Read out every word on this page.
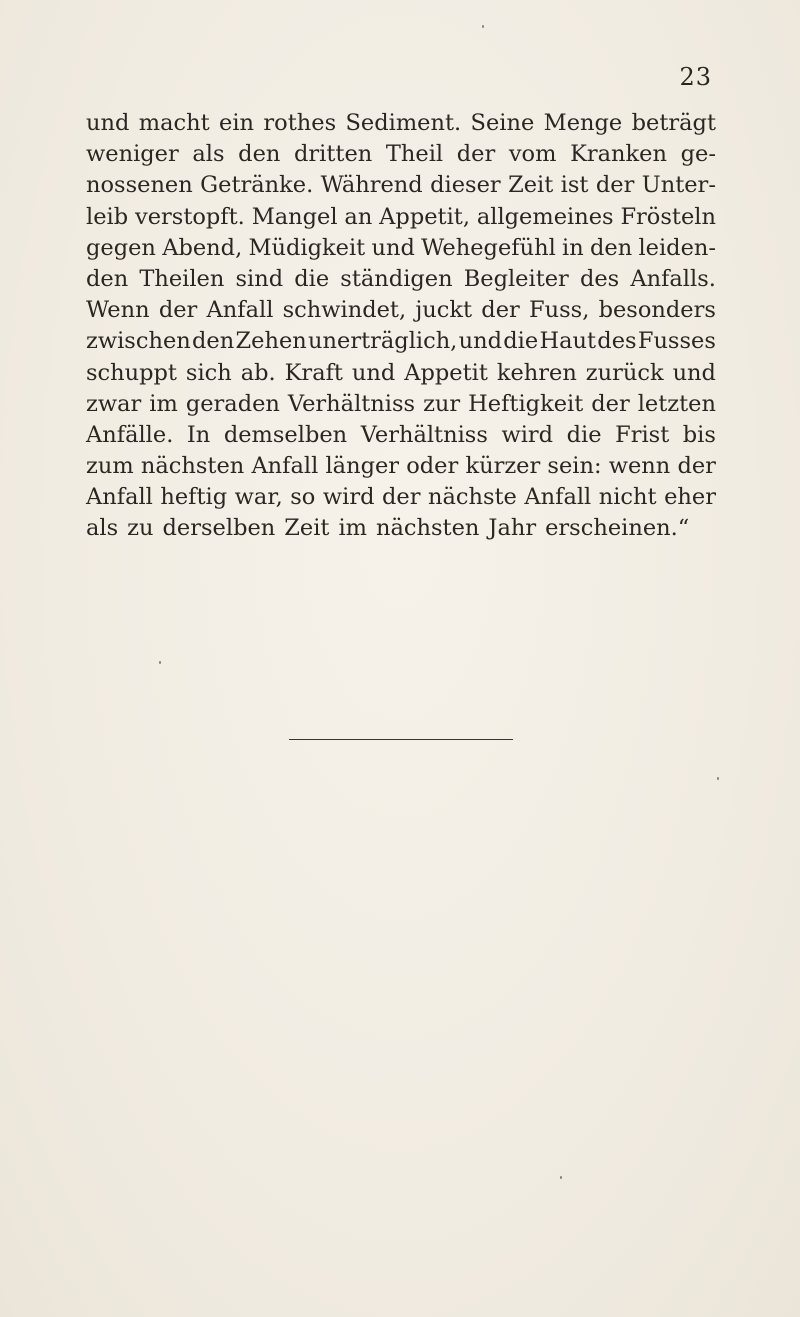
23
und macht ein rothes Sediment. Seine Menge beträgt
weniger als den dritten Theil der vom Kranken ge-
nossenen Getränke. Während dieser Zeit ist der Unter-
leib verstopft. Mangel an Appetit, allgemeines Frösteln
gegen Abend, Müdigkeit und Wehegefühl in den leiden-
den Theilen sind die ständigen Begleiter des Anfalls.
Wenn der Anfall schwindet, juckt der Fuss, besonders
zwischen den Zehen unerträglich, und die Haut des Fusses
schuppt sich ab. Kraft und Appetit kehren zurück und
zwar im geraden Verhältniss zur Heftigkeit der letzten
Anfälle. In demselben Verhältniss wird die Frist bis
zum nächsten Anfall länger oder kürzer sein: wenn der
Anfall heftig war, so wird der nächste Anfall nicht eher
als zu derselben Zeit im nächsten Jahr erscheinen.“
